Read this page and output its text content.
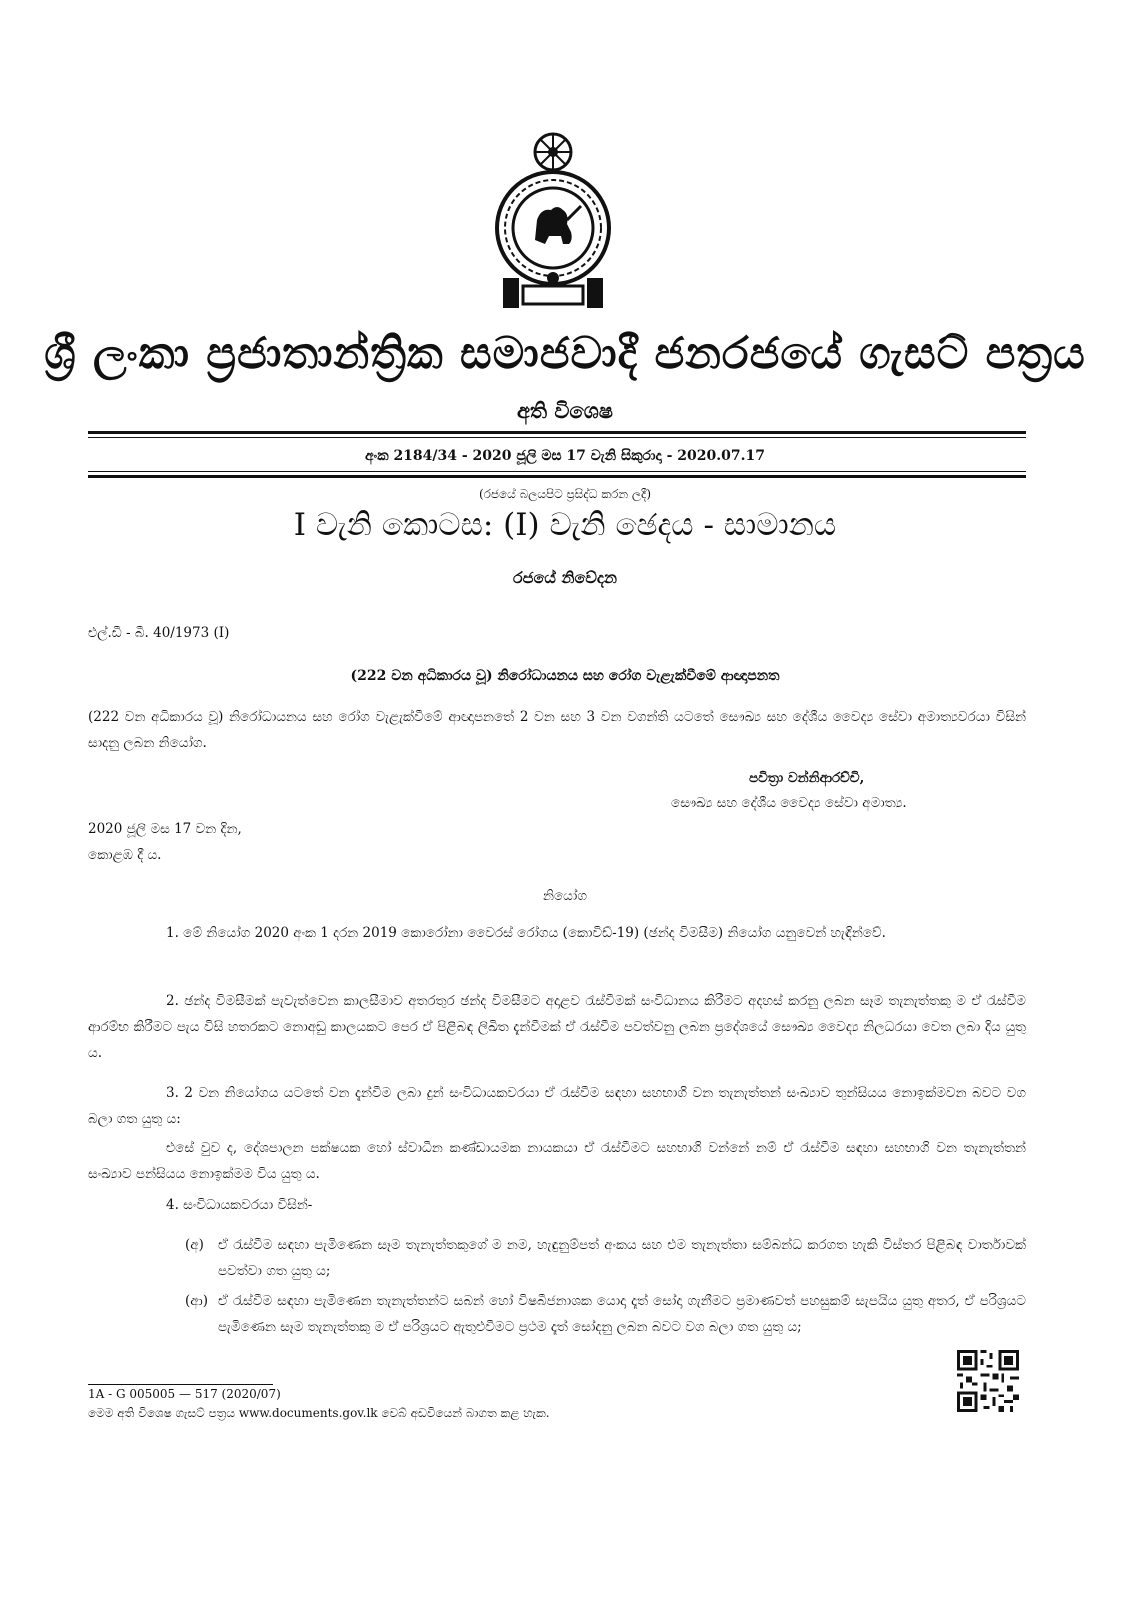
ශ්‍රී ලංකා ප්‍රජාතාන්ත්‍රික සමාජවාදී ජනරජයේ ගැසට් පත්‍රය
අති විශෙෂ
අංක 2184/34 - 2020 ජූලි මස 17 වැනි සිකුරාදා - 2020.07.17
(රජයේ බලයපිට ප්‍රසිද්ධ කරන ලදී)
I වැනි කොටස: (I) වැනි ඡෙදය - සාමානය
රජයේ නිවේදන
එල්.ඩී - බී. 40/1973 (I)
(222 වන අධිකාරය වූ) නිරෝධායනය සහ රෝග වැළැක්වීමේ ආඥාපනත
(222 වන අධිකාරය වූ) නිරෝධායනය සහ රෝග වැළැක්වීමේ ආඥාපනතේ 2 වන සහ 3 වන වගන්ති යටතේ සෞඛ්‍ය සහ දේශීය වෛද්‍ය සේවා අමාත්‍යවරයා විසින් සාදනු ලබන නියෝග.
පවිත්‍රා වන්නිආරච්චි,
සෞඛ්‍ය සහ දේශීය වෛද්‍ය සේවා අමාත්‍ය.
2020 ජූලි මස 17 වන දින,
කොළඹ දී ය.
නියෝග
1. මේ නියෝග 2020 අංක 1 දරන 2019 කොරෝනා වෛරස් රෝගය (කොවිඩ්-19) (ඡන්ද විමසීම) නියෝග යනුවෙන් හැඳින්වේ.
2. ඡන්ද විමසීමක් පැවැත්වෙන කාලසීමාව අතරතුර ඡන්ද විමසීමට අදාළව රැස්වීමක් සංවිධානය කිරීමට අදහස් කරනු ලබන සෑම තැනැත්තකු ම ඒ රැස්වීම ආරම්භ කිරීමට පැය විසි හතරකට නොඅඩු කාලයකට පෙර ඒ පිළිබඳ ලිඛිත දැන්වීමක් ඒ රැස්වීම පවත්වනු ලබන ප්‍රදේශයේ සෞඛ්‍ය වෛද්‍ය නිලධරයා වෙත ලබා දිය යුතු ය.
3. 2 වන නියෝගය යටතේ වන දැන්වීම ලබා දුන් සංවිධායකවරයා ඒ රැස්වීම සඳහා සහභාගි වන තැනැත්තන් සංඛ්‍යාව තුන්සියය නොඉක්මවන බවට වග බලා ගත යුතු ය:
එසේ වුව ද, දේශපාලන පක්ෂයක හෝ ස්වාධීන කණ්ඩායමක නායකයා ඒ රැස්වීමට සහභාගි වන්නේ නම් ඒ රැස්වීම සඳහා සහභාගි වන තැනැත්තන් සංඛ්‍යාව පන්සියය නොඉක්මම විය යුතු ය.
4. සංවිධායකවරයා විසින්-
(අ) ඒ රැස්වීම සඳහා පැමිණෙන සෑම තැනැත්තකුගේ ම නම, හැඳුනුම්පත් අංකය සහ එම තැනැත්තා සම්බන්ධ කරගත හැකි විස්තර පිළිබඳ වාර්තාවක් පවත්වා ගත යුතු ය;
(ආ) ඒ රැස්වීම සඳහා පැමිණෙන තැනැත්තන්ට සබන් හෝ විෂබීජනාශක යොදා දෑත් සෝදා ගැනීමට ප්‍රමාණවත් පහසුකම් සැපයිය යුතු අතර, ඒ පරිශ්‍රයට පැමිණෙන සෑම තැනැත්තකු ම ඒ පරිශ්‍රයට ඇතුළුවීමට ප්‍රථම දෑත් සෝදනු ලබන බවට වග බලා ගත යුතු ය;
1A - G 005005 — 517 (2020/07)
මෙම අති විශෙෂ ගැසට් පත්‍රය www.documents.gov.lk වෙබ් අඩවියෙන් බාගත කළ හැක.
